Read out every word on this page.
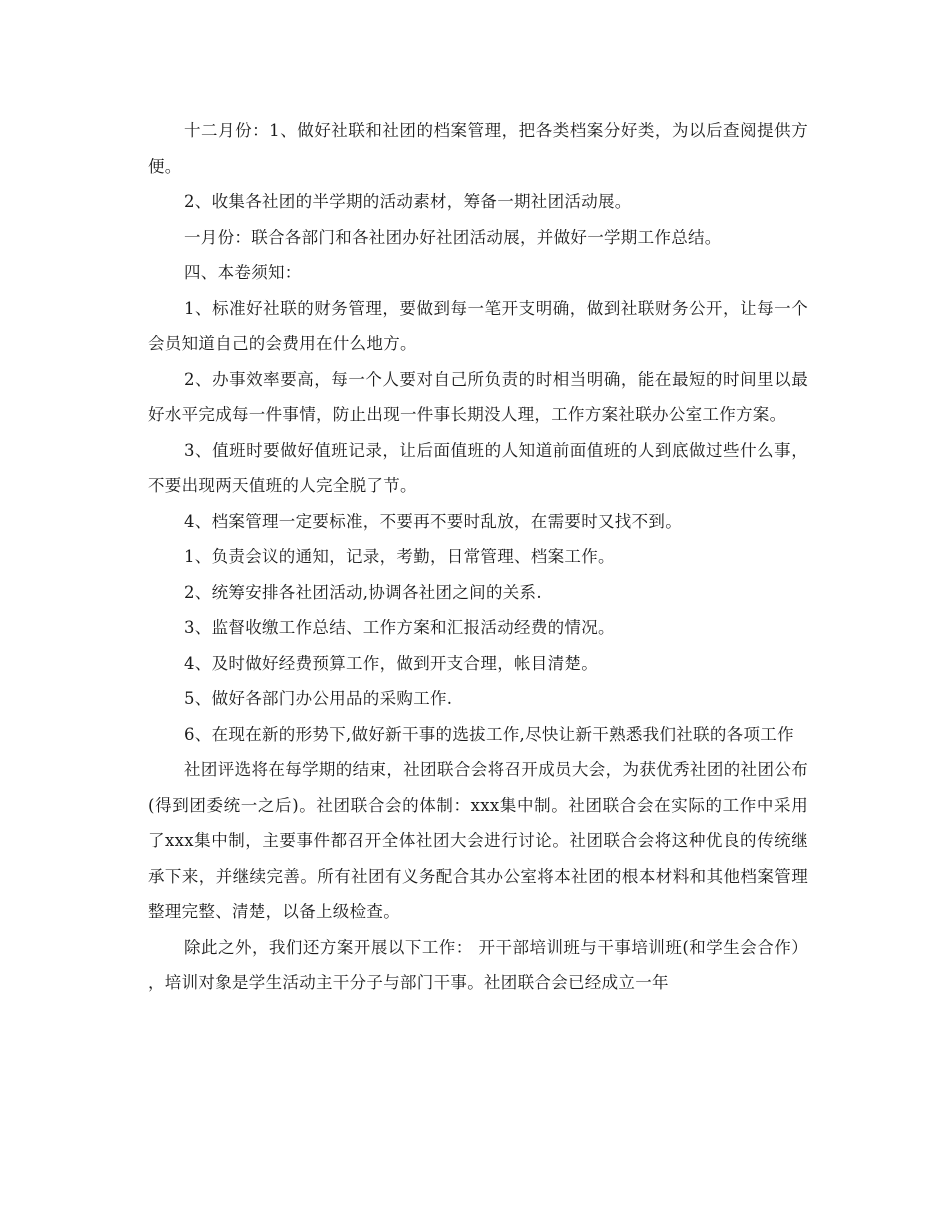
十二月份：1、做好社联和社团的档案管理，把各类档案分好类，为以后查阅提供方便。

2、收集各社团的半学期的活动素材，筹备一期社团活动展。

一月份：联合各部门和各社团办好社团活动展，并做好一学期工作总结。

四、本卷须知：

1、标准好社联的财务管理，要做到每一笔开支明确，做到社联财务公开，让每一个会员知道自己的会费用在什么地方。

2、办事效率要高，每一个人要对自己所负责的时相当明确，能在最短的时间里以最好水平完成每一件事情，防止出现一件事长期没人理，工作方案社联办公室工作方案。

3、值班时要做好值班记录，让后面值班的人知道前面值班的人到底做过些什么事，不要出现两天值班的人完全脱了节。

4、档案管理一定要标准，不要再不要时乱放，在需要时又找不到。

1、负责会议的通知，记录，考勤，日常管理、档案工作。

2、统筹安排各社团活动,协调各社团之间的关系.

3、监督收缴工作总结、工作方案和汇报活动经费的情况。

4、及时做好经费预算工作，做到开支合理，帐目清楚。

5、做好各部门办公用品的采购工作.

6、在现在新的形势下,做好新干事的选拔工作,尽快让新干熟悉我们社联的各项工作

社团评选将在每学期的结束，社团联合会将召开成员大会，为获优秀社团的社团公布(得到团委统一之后)。社团联合会的体制：xxx集中制。社团联合会在实际的工作中采用了xxx集中制，主要事件都召开全体社团大会进行讨论。社团联合会将这种优良的传统继承下来，并继续完善。所有社团有义务配合其办公室将本社团的根本材料和其他档案管理整理完整、清楚，以备上级检查。

除此之外，我们还方案开展以下工作： 开干部培训班与干事培训班(和学生会合作） ，培训对象是学生活动主干分子与部门干事。社团联合会已经成立一年
